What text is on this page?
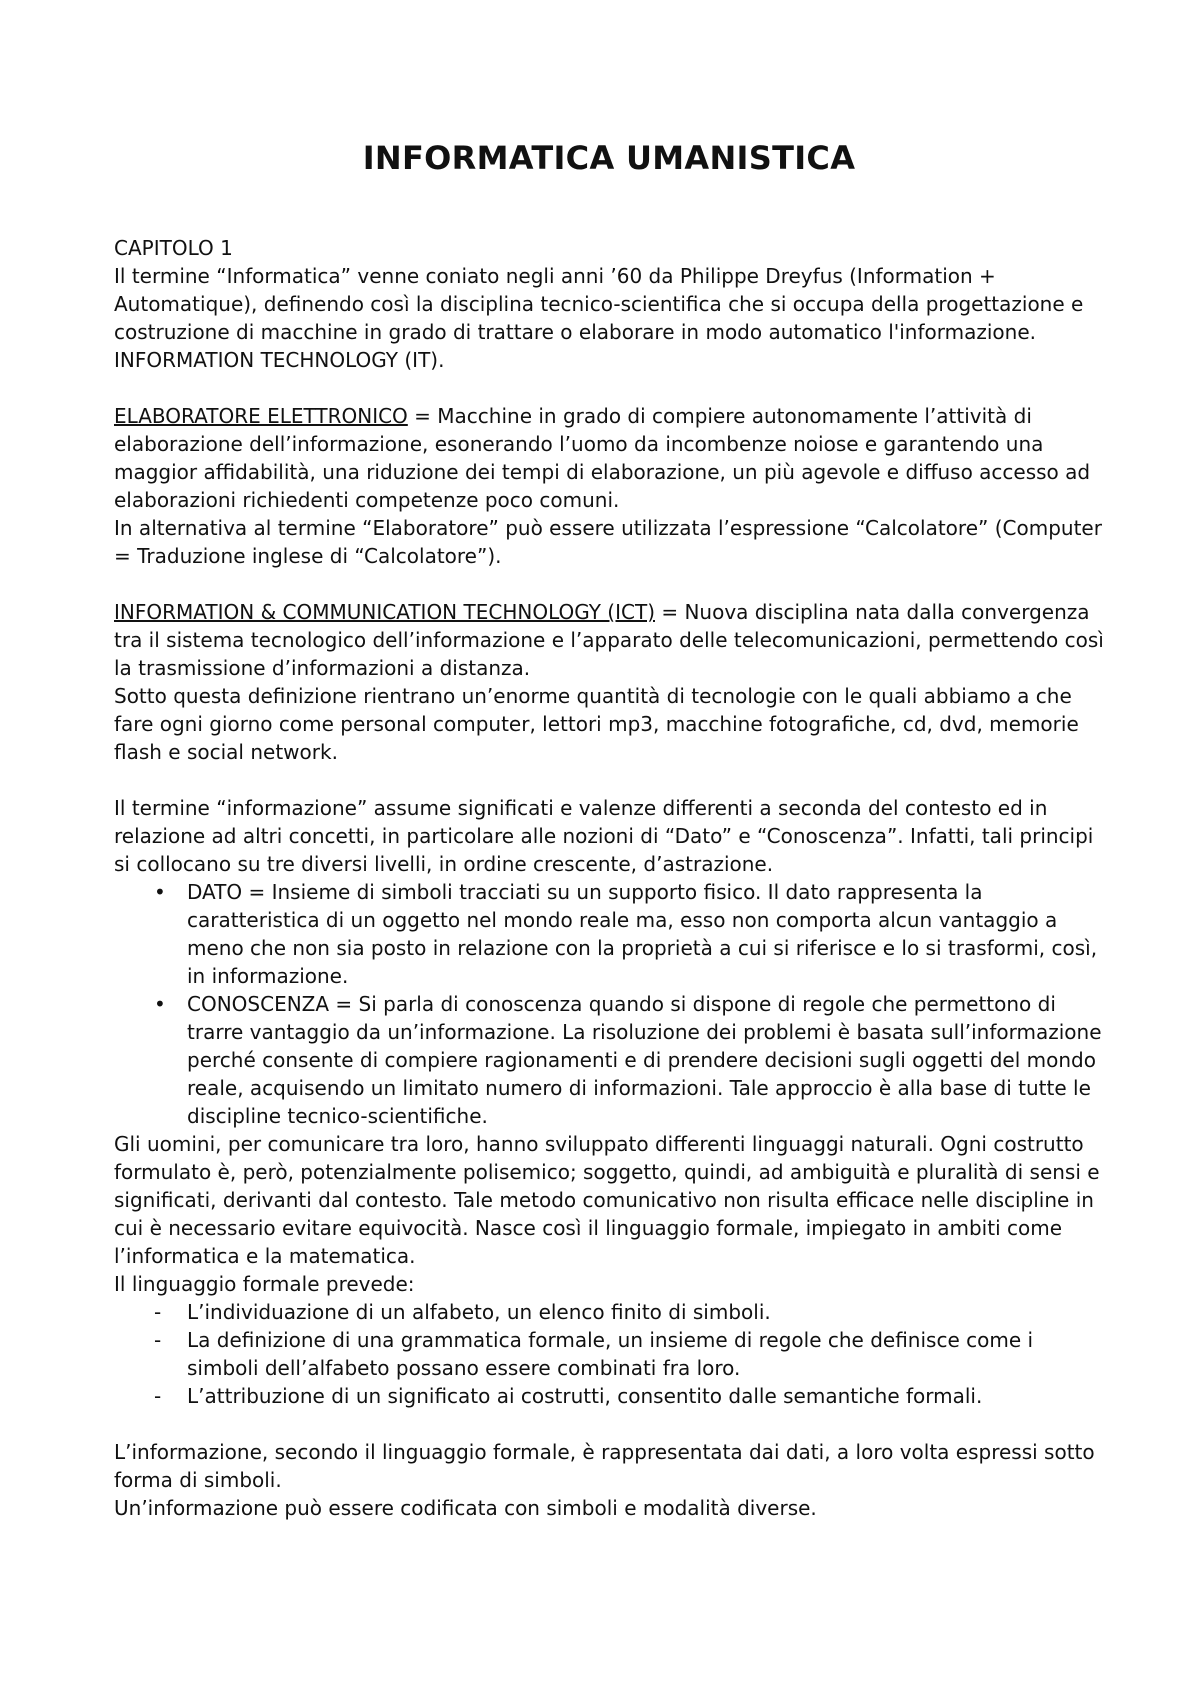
INFORMATICA UMANISTICA

CAPITOLO 1

Il termine “Informatica” venne coniato negli anni ’60 da Philippe Dreyfus (Information + Automatique), definendo così la disciplina tecnico-scientifica che si occupa della progettazione e costruzione di macchine in grado di trattare o elaborare in modo automatico l'informazione. INFORMATION TECHNOLOGY (IT).

ELABORATORE ELETTRONICO = Macchine in grado di compiere autonomamente l’attività di elaborazione dell’informazione, esonerando l’uomo da incombenze noiose e garantendo una maggior affidabilità, una riduzione dei tempi di elaborazione, un più agevole e diffuso accesso ad elaborazioni richiedenti competenze poco comuni.

In alternativa al termine “Elaboratore” può essere utilizzata l’espressione “Calcolatore” (Computer = Traduzione inglese di “Calcolatore”).

INFORMATION & COMMUNICATION TECHNOLOGY (ICT) = Nuova disciplina nata dalla convergenza tra il sistema tecnologico dell’informazione e l’apparato delle telecomunicazioni, permettendo così la trasmissione d’informazioni a distanza.

Sotto questa definizione rientrano un’enorme quantità di tecnologie con le quali abbiamo a che fare ogni giorno come personal computer, lettori mp3, macchine fotografiche, cd, dvd, memorie flash e social network.

Il termine “informazione” assume significati e valenze differenti a seconda del contesto ed in relazione ad altri concetti, in particolare alle nozioni di “Dato” e “Conoscenza”. Infatti, tali principi si collocano su tre diversi livelli, in ordine crescente, d’astrazione.

• DATO = Insieme di simboli tracciati su un supporto fisico. Il dato rappresenta la caratteristica di un oggetto nel mondo reale ma, esso non comporta alcun vantaggio a meno che non sia posto in relazione con la proprietà a cui si riferisce e lo si trasformi, così, in informazione.
• CONOSCENZA = Si parla di conoscenza quando si dispone di regole che permettono di trarre vantaggio da un’informazione. La risoluzione dei problemi è basata sull’informazione perché consente di compiere ragionamenti e di prendere decisioni sugli oggetti del mondo reale, acquisendo un limitato numero di informazioni. Tale approccio è alla base di tutte le discipline tecnico-scientifiche.

Gli uomini, per comunicare tra loro, hanno sviluppato differenti linguaggi naturali. Ogni costrutto formulato è, però, potenzialmente polisemico; soggetto, quindi, ad ambiguità e pluralità di sensi e significati, derivanti dal contesto. Tale metodo comunicativo non risulta efficace nelle discipline in cui è necessario evitare equivocità. Nasce così il linguaggio formale, impiegato in ambiti come l’informatica e la matematica.

Il linguaggio formale prevede:

- L’individuazione di un alfabeto, un elenco finito di simboli.
- La definizione di una grammatica formale, un insieme di regole che definisce come i simboli dell’alfabeto possano essere combinati fra loro.
- L’attribuzione di un significato ai costrutti, consentito dalle semantiche formali.

L’informazione, secondo il linguaggio formale, è rappresentata dai dati, a loro volta espressi sotto forma di simboli.

Un’informazione può essere codificata con simboli e modalità diverse.
